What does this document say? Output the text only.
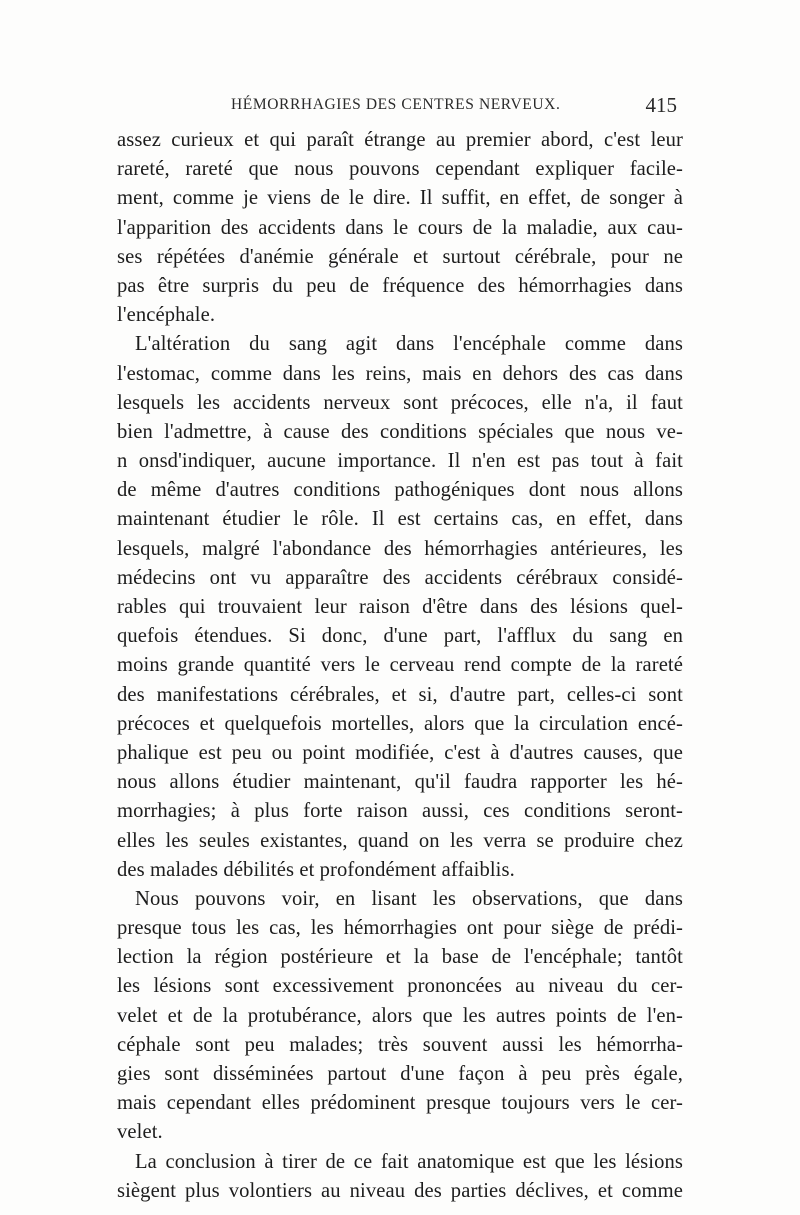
HÉMORRHAGIES DES CENTRES NERVEUX.	415
assez curieux et qui paraît étrange au premier abord, c'est leur
rareté, rareté que nous pouvons cependant expliquer facile-
ment, comme je viens de le dire. Il suffit, en effet, de songer à
l'apparition des accidents dans le cours de la maladie, aux cau-
ses répétées d'anémie générale et surtout cérébrale, pour ne
pas être surpris du peu de fréquence des hémorrhagies dans
l'encéphale.
L'altération du sang agit dans l'encéphale comme dans
l'estomac, comme dans les reins, mais en dehors des cas dans
lesquels les accidents nerveux sont précoces, elle n'a, il faut
bien l'admettre, à cause des conditions spéciales que nous ve-
n onsd'indiquer, aucune importance. Il n'en est pas tout à fait
de même d'autres conditions pathogéniques dont nous allons
maintenant étudier le rôle. Il est certains cas, en effet, dans
lesquels, malgré l'abondance des hémorrhagies antérieures, les
médecins ont vu apparaître des accidents cérébraux considé-
rables qui trouvaient leur raison d'être dans des lésions quel-
quefois étendues. Si donc, d'une part, l'afflux du sang en
moins grande quantité vers le cerveau rend compte de la rareté
des manifestations cérébrales, et si, d'autre part, celles-ci sont
précoces et quelquefois mortelles, alors que la circulation encé-
phalique est peu ou point modifiée, c'est à d'autres causes, que
nous allons étudier maintenant, qu'il faudra rapporter les hé-
morrhagies; à plus forte raison aussi, ces conditions seront-
elles les seules existantes, quand on les verra se produire chez
des malades débilités et profondément affaiblis.
Nous pouvons voir, en lisant les observations, que dans
presque tous les cas, les hémorrhagies ont pour siège de prédi-
lection la région postérieure et la base de l'encéphale; tantôt
les lésions sont excessivement prononcées au niveau du cer-
velet et de la protubérance, alors que les autres points de l'en-
céphale sont peu malades; très souvent aussi les hémorrha-
gies sont disséminées partout d'une façon à peu près égale,
mais cependant elles prédominent presque toujours vers le cer-
velet.
La conclusion à tirer de ce fait anatomique est que les lésions
siègent plus volontiers au niveau des parties déclives, et comme
